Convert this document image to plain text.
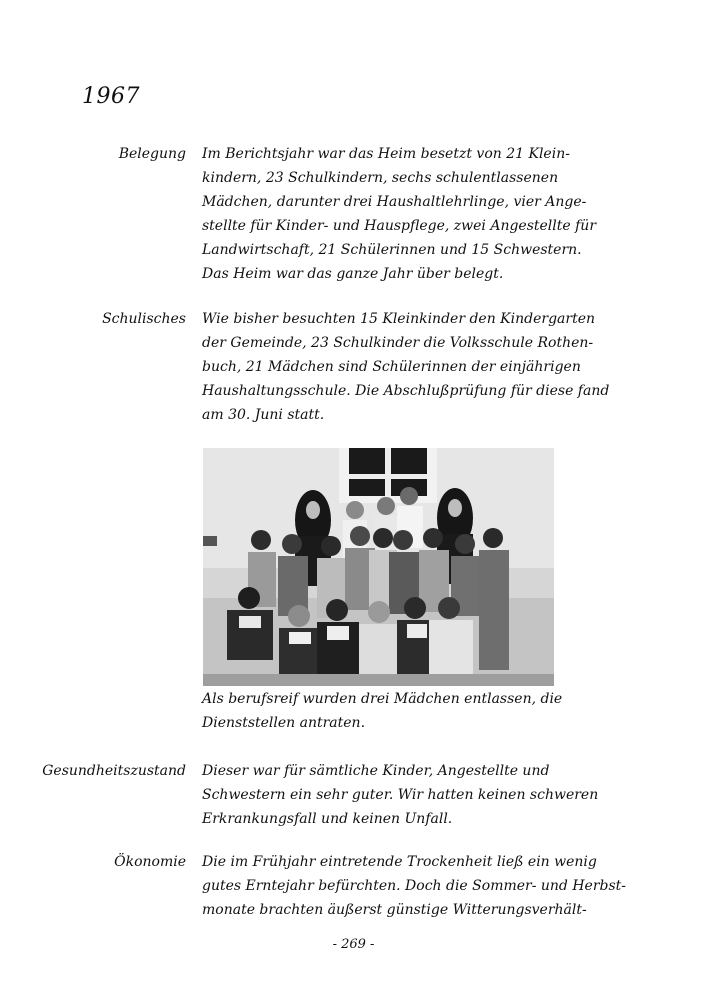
1967
Belegung Im Berichtsjahr war das Heim besetzt von 21 Klein-
kindern, 23 Schulkindern, sechs schulentlassenen
Mädchen, darunter drei Haushaltlehrlinge, vier Ange-
stellte für Kinder- und Hauspflege, zwei Angestellte für
Landwirtschaft, 21 Schülerinnen und 15 Schwestern.
Das Heim war das ganze Jahr über belegt.
Schulisches Wie bisher besuchten 15 Kleinkinder den Kindergarten
der Gemeinde, 23 Schulkinder die Volksschule Rothen-
buch, 21 Mädchen sind Schülerinnen der einjährigen
Haushaltungsschule. Die Abschlußprüfung für diese fand
am 30. Juni statt.
Als berufsreif wurden drei Mädchen entlassen, die
Dienststellen antraten.
Gesundheitszustand Dieser war für sämtliche Kinder, Angestellte und
Schwestern ein sehr guter. Wir hatten keinen schweren
Erkrankungsfall und keinen Unfall.
Ökonomie Die im Frühjahr eintretende Trockenheit ließ ein wenig
gutes Erntejahr befürchten. Doch die Sommer- und Herbst-
monate brachten äußerst günstige Witterungsverhält-
- 269 -
